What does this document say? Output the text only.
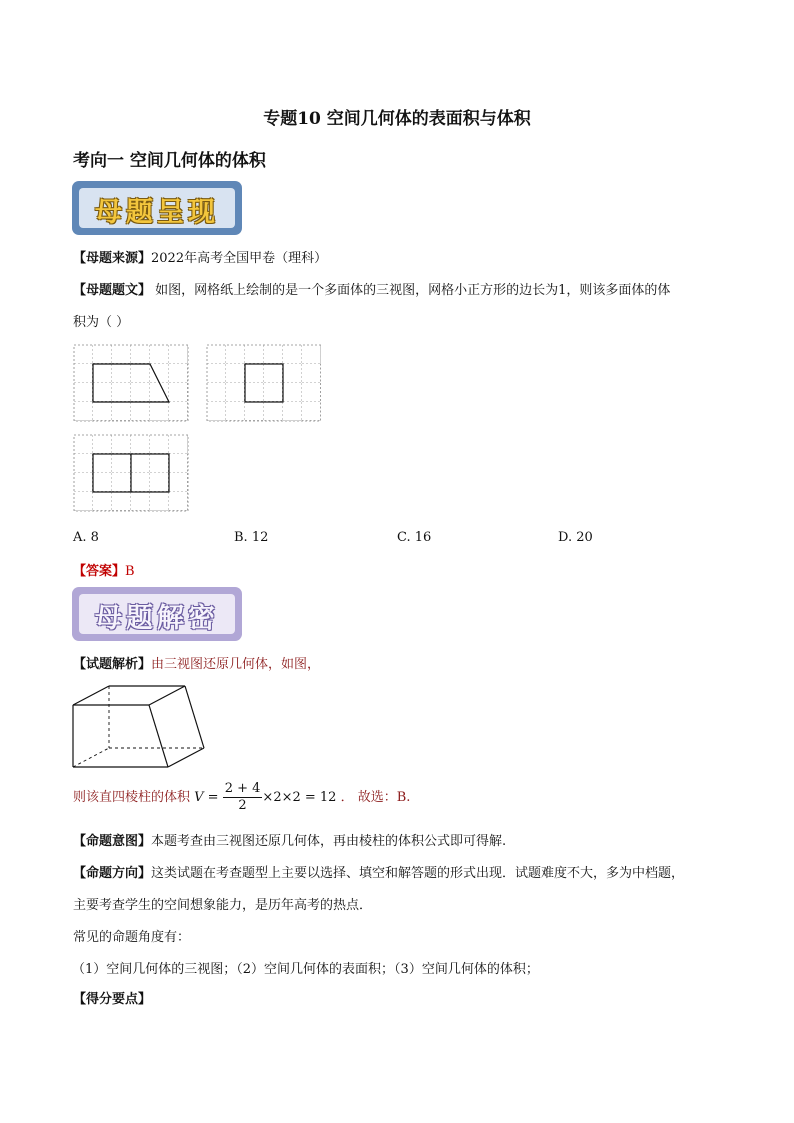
专题10 空间几何体的表面积与体积
考向一 空间几何体的体积
母题呈现
【母题来源】2022年高考全国甲卷（理科）
【母题题文】 如图，网格纸上绘制的是一个多面体的三视图，网格小正方形的边长为1，则该多面体的体
积为（ ）
A. 8	B. 12	C. 16	D. 20
【答案】B
母题解密
【试题解析】由三视图还原几何体，如图，
则该直四棱柱的体积 $V = \frac{2 + 4}{2} \times 2\times 2 = 12$ ． 故选：B.
【命题意图】本题考查由三视图还原几何体，再由棱柱的体积公式即可得解.
【命题方向】这类试题在考查题型上主要以选择、填空和解答题的形式出现．试题难度不大，多为中档题，
主要考查学生的空间想象能力，是历年高考的热点．
常见的命题角度有：
（1）空间几何体的三视图；（2）空间几何体的表面积；（3）空间几何体的体积；
【得分要点】
